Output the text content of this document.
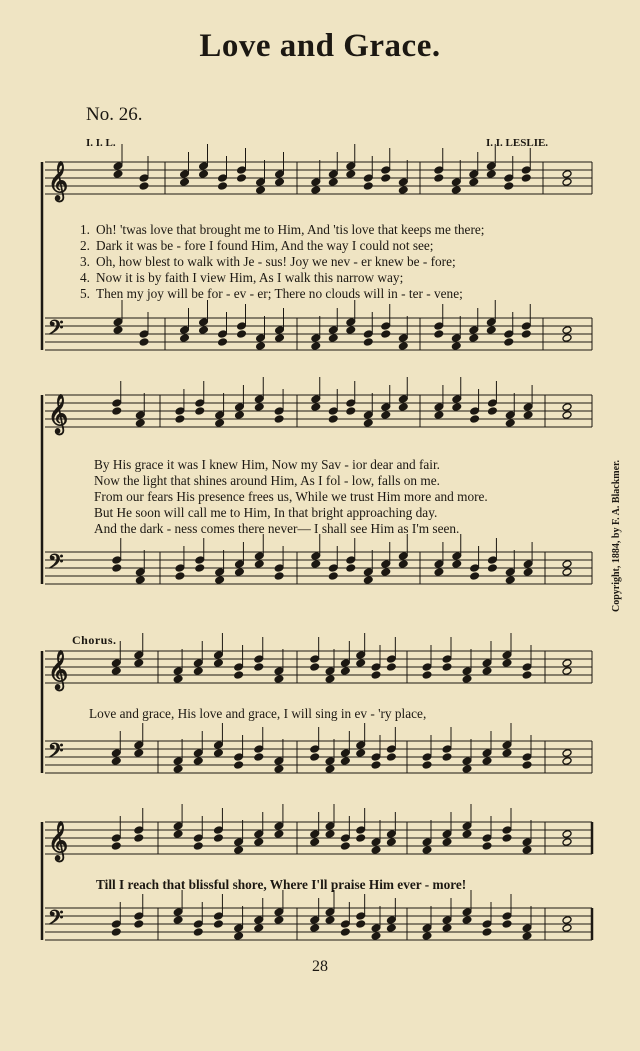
Love and Grace.
No. 26.
I. I. L.	I. I. LESLIE.
𝄞
𝄢
𝄞
𝄢
𝄞
𝄢
𝄞
𝄢
1. Oh! 'twas love that brought me to Him, And 'tis love that keeps me there;
2. Dark it was be - fore I found Him, And the way I could not see;
3. Oh, how blest to walk with Je - sus! Joy we nev - er knew be - fore;
4. Now it is by faith I view Him, As I walk this narrow way;
5. Then my joy will be for - ev - er; There no clouds will in - ter - vene;
By His grace it was I knew Him, Now my Sav - ior dear and fair.
Now the light that shines around Him, As I fol - low, falls on me.
From our fears His presence frees us, While we trust Him more and more.
But He soon will call me to Him, In that bright approaching day.
And the dark - ness comes there never— I shall see Him as I'm seen.
Chorus.
Love and grace, His love and grace, I will sing in ev - 'ry place,
Till I reach that blissful shore, Where I'll praise Him ever - more!
Copyright, 1884, by F. A. Blackmer.
28
